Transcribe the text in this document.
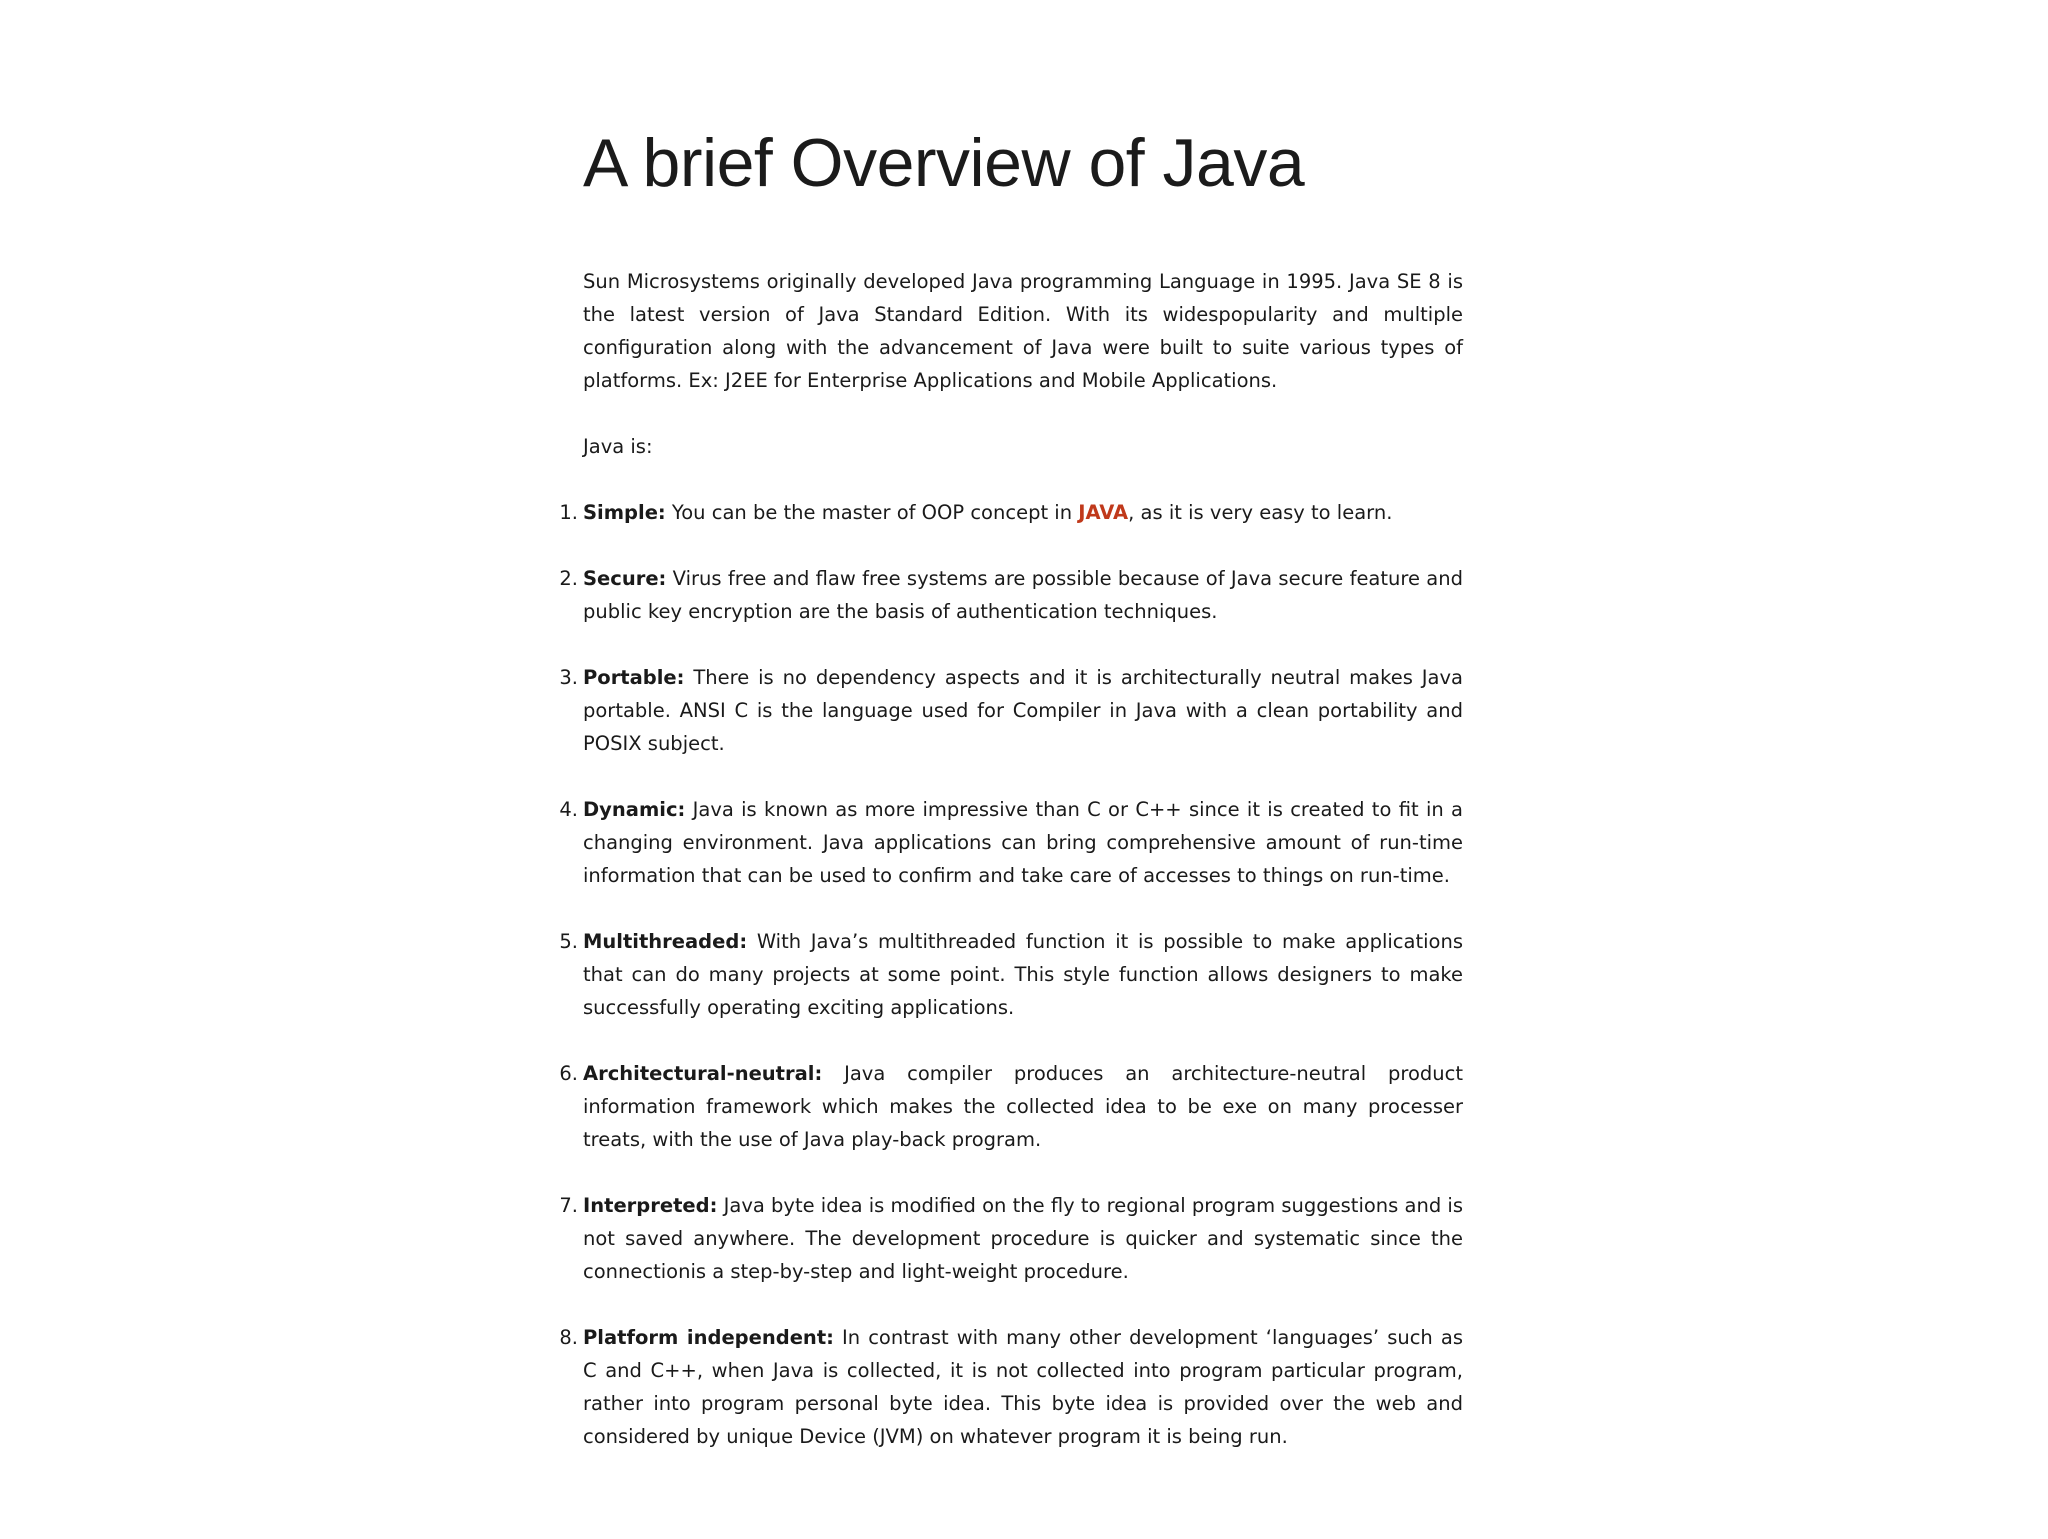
A brief Overview of Java

Sun Microsystems originally developed Java programming Language in 1995. Java SE 8 is the latest version of Java Standard Edition. With its widespopularity and multiple configuration along with the advancement of Java were built to suite various types of platforms. Ex: J2EE for Enterprise Applications and Mobile Applications.

Java is:

1. Simple: You can be the master of OOP concept in JAVA, as it is very easy to learn.
2. Secure: Virus free and flaw free systems are possible because of Java secure feature and public key encryption are the basis of authentication techniques.
3. Portable: There is no dependency aspects and it is architecturally neutral makes Java portable. ANSI C is the language used for Compiler in Java with a clean portability and POSIX subject.
4. Dynamic: Java is known as more impressive than C or C++ since it is created to fit in a changing environment. Java applications can bring comprehensive amount of run-time information that can be used to confirm and take care of accesses to things on run-time.
5. Multithreaded: With Java’s multithreaded function it is possible to make applications that can do many projects at some point. This style function allows designers to make successfully operating exciting applications.
6. Architectural-neutral: Java compiler produces an architecture-neutral product information framework which makes the collected idea to be exe on many processer treats, with the use of Java play-back program.
7. Interpreted: Java byte idea is modified on the fly to regional program suggestions and is not saved anywhere. The development procedure is quicker and systematic since the connectionis a step-by-step and light-weight procedure.
8. Platform independent: In contrast with many other development ‘languages’ such as C and C++, when Java is collected, it is not collected into program particular program, rather into program personal byte idea. This byte idea is provided over the web and considered by unique Device (JVM) on whatever program it is being run.
